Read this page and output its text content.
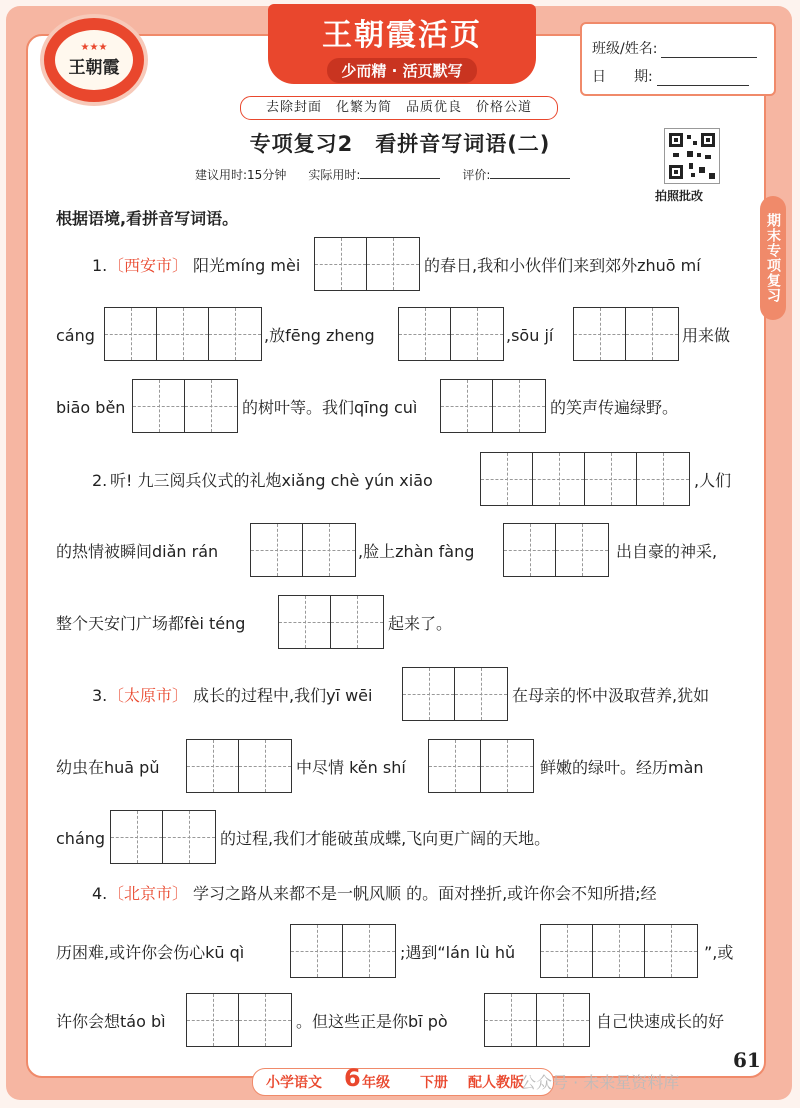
★★★
王朝霞
王朝霞活页
少而精 · 活页默写
去除封面　化繁为简　品质优良　价格公道
班级/姓名:
日　　期:
专项复习2　看拼音写词语(二)
建议用时:15分钟 实际用时:	评价:
拍照批改
期末专项复习
根据语境,看拼音写词语。
1. 〔西安市〕 阳光míng mèi	的春日,我和小伙伴们来到郊外zhuō mí
cáng	,放fēng zheng	,sōu jí	用来做
biāo běn	的树叶等。我们qīng cuì	的笑声传遍绿野。
2. 听! 九三阅兵仪式的礼炮xiǎng chè yún xiāo	,人们
的热情被瞬间diǎn rán	,脸上zhàn fàng	出自豪的神采,
整个天安门广场都fèi téng	起来了。
3. 〔太原市〕 成长的过程中,我们yī wēi	在母亲的怀中汲取营养,犹如
幼虫在huā pǔ	中尽情 kěn shí	鲜嫩的绿叶。经历màn
cháng	的过程,我们才能破茧成蝶,飞向更广阔的天地。
4. 〔北京市〕 学习之路从来都不是一帆风顺 的。面对挫折,或许你会不知所措;经
历困难,或许你会伤心kū qì	;遇到“lán lù hǔ	”,或
许你会想táo bì	。但这些正是你bī pò	自己快速成长的好
小学语文 6 年级 下册 配人教版
公众号 · 未来星资料库
61
